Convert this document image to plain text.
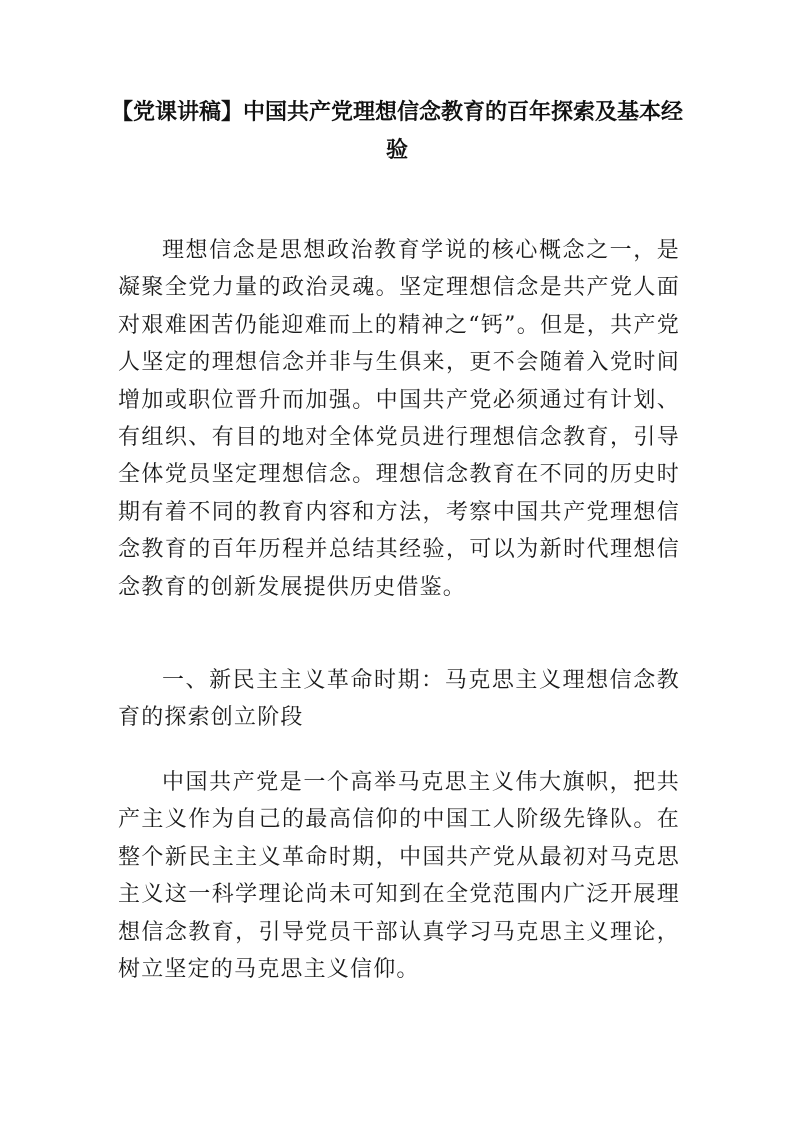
【党课讲稿】中国共产党理想信念教育的百年探索及基本经验

理想信念是思想政治教育学说的核心概念之一，是凝聚全党力量的政治灵魂。坚定理想信念是共产党人面对艰难困苦仍能迎难而上的精神之“钙”。但是，共产党人坚定的理想信念并非与生俱来，更不会随着入党时间增加或职位晋升而加强。中国共产党必须通过有计划、有组织、有目的地对全体党员进行理想信念教育，引导全体党员坚定理想信念。理想信念教育在不同的历史时期有着不同的教育内容和方法，考察中国共产党理想信念教育的百年历程并总结其经验，可以为新时代理想信念教育的创新发展提供历史借鉴。

一、新民主主义革命时期：马克思主义理想信念教育的探索创立阶段

中国共产党是一个高举马克思主义伟大旗帜，把共产主义作为自己的最高信仰的中国工人阶级先锋队。在整个新民主主义革命时期，中国共产党从最初对马克思主义这一科学理论尚未可知到在全党范围内广泛开展理想信念教育，引导党员干部认真学习马克思主义理论，树立坚定的马克思主义信仰。
